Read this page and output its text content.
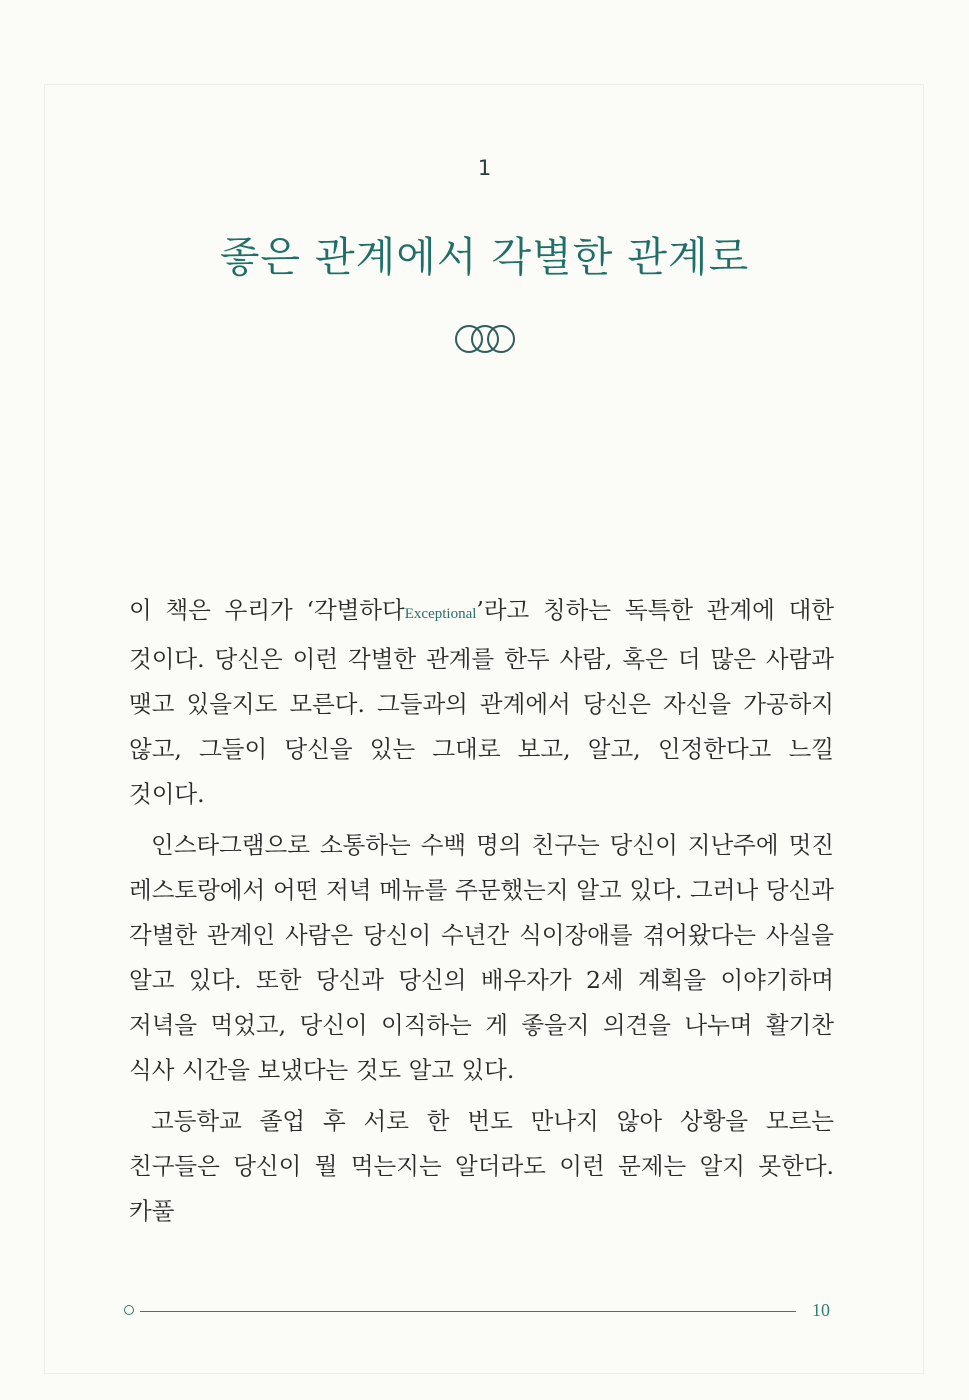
1
좋은 관계에서 각별한 관계로

이 책은 우리가 ‘각별하다Exceptional’라고 칭하는 독특한 관계에 대한 것이다. 당신은 이런 각별한 관계를 한두 사람, 혹은 더 많은 사람과 맺고 있을지도 모른다. 그들과의 관계에서 당신은 자신을 가공하지 않고, 그들이 당신을 있는 그대로 보고, 알고, 인정한다고 느낄 것이다.

인스타그램으로 소통하는 수백 명의 친구는 당신이 지난주에 멋진 레스토랑에서 어떤 저녁 메뉴를 주문했는지 알고 있다. 그러나 당신과 각별한 관계인 사람은 당신이 수년간 식이장애를 겪어왔다는 사실을 알고 있다. 또한 당신과 당신의 배우자가 2세 계획을 이야기하며 저녁을 먹었고, 당신이 이직하는 게 좋을지 의견을 나누며 활기찬 식사 시간을 보냈다는 것도 알고 있다.

고등학교 졸업 후 서로 한 번도 만나지 않아 상황을 모르는 친구들은 당신이 뭘 먹는지는 알더라도 이런 문제는 알지 못한다. 카풀

10
